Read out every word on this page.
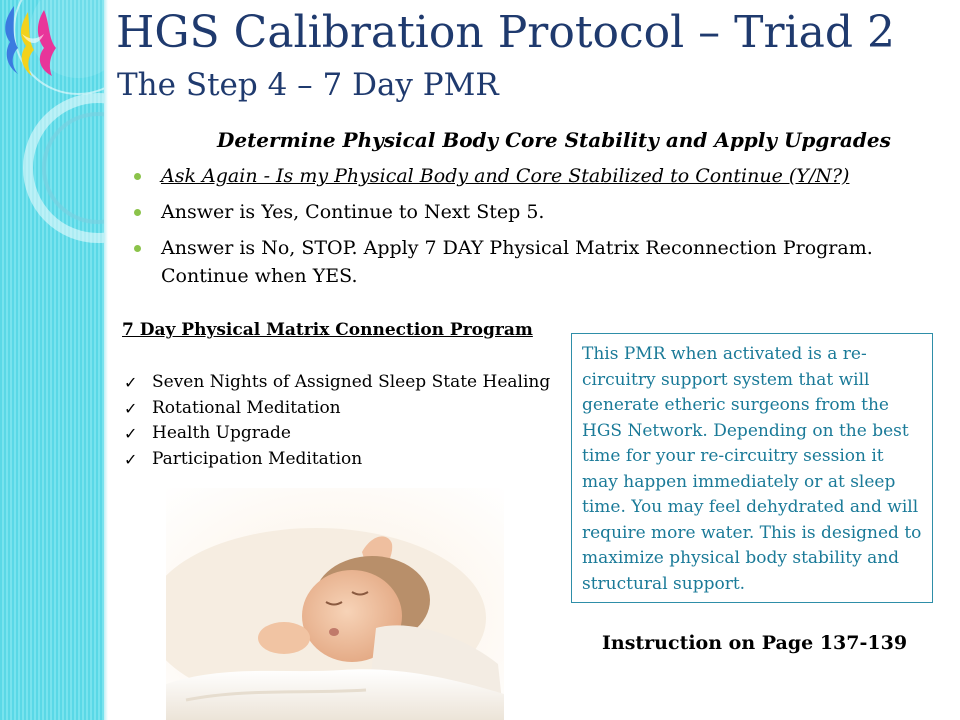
HGS Calibration Protocol – Triad 2
The Step 4 – 7 Day PMR

Determine Physical Body Core Stability and Apply Upgrades

Ask Again - Is my Physical Body and Core Stabilized to Continue (Y/N?)
Answer is Yes, Continue to Next Step 5.
Answer is No, STOP. Apply 7 DAY Physical Matrix Reconnection Program. Continue when YES.

7 Day Physical Matrix Connection Program

✓ Seven Nights of Assigned Sleep State Healing
✓ Rotational Meditation
✓ Health Upgrade
✓ Participation Meditation

This PMR when activated is a re-circuitry support system that will generate etheric surgeons from the HGS Network. Depending on the best time for your re-circuitry session it may happen immediately or at sleep time. You may feel dehydrated and will require more water. This is designed to maximize physical body stability and structural support.

Instruction on Page 137-139
